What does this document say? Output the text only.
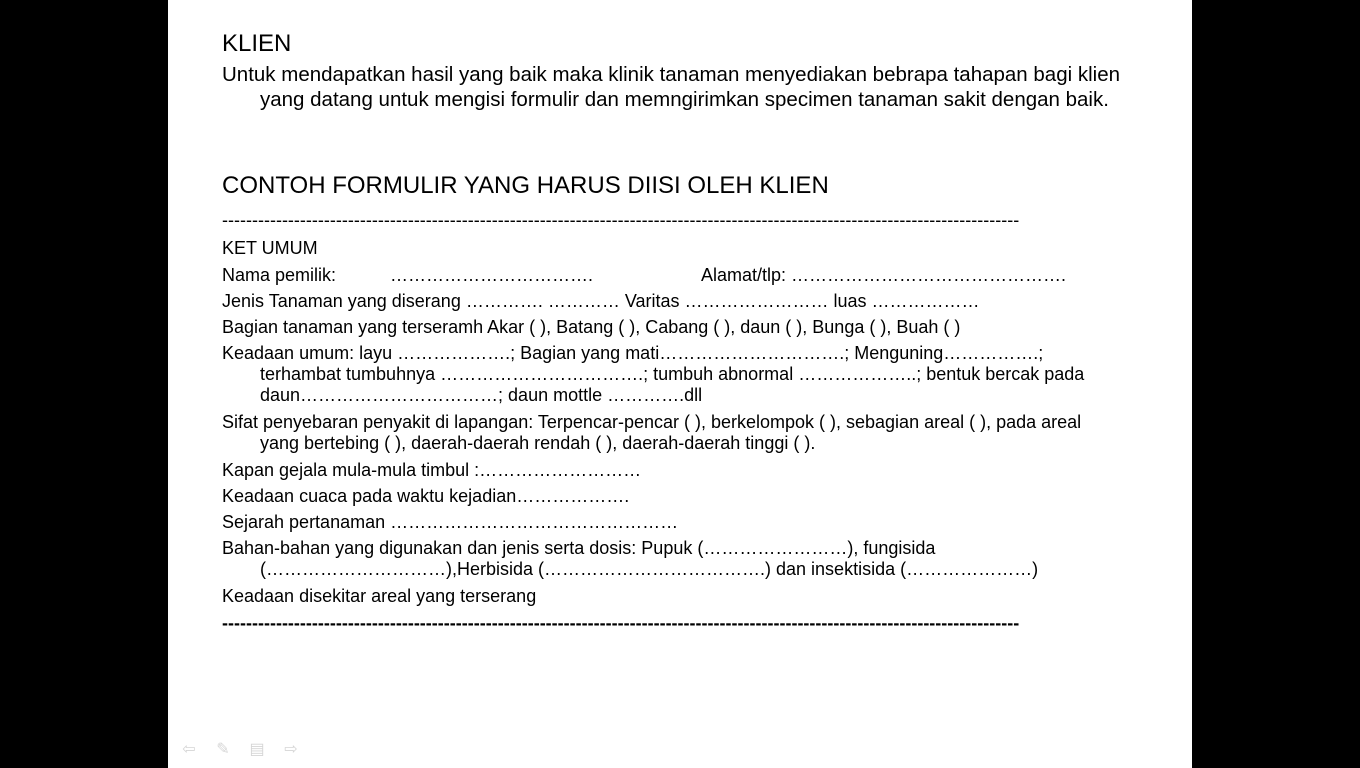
KLIEN
Untuk mendapatkan hasil yang baik maka klinik tanaman menyediakan bebrapa tahapan bagi klien yang datang untuk mengisi formulir dan memngirimkan specimen tanaman sakit dengan baik.
CONTOH FORMULIR YANG HARUS DIISI OLEH KLIEN
-------------------------------------------------------------------------------------------------------------------------------------
KET UMUM
Nama pemilik:	…………………………….	Alamat/tlp: ……………………………………….
Jenis Tanaman yang diserang …………. ………… Varitas …………………… luas ………………
Bagian tanaman yang terseramh Akar ( ), Batang ( ), Cabang ( ), daun ( ), Bunga ( ), Buah ( )
Keadaan umum: layu ……………….; Bagian yang mati………………………….; Menguning…………….; terhambat tumbuhnya …………………………….; tumbuh abnormal ………………..; bentuk bercak pada daun……………………………; daun mottle ………….dll
Sifat penyebaran penyakit di lapangan: Terpencar-pencar ( ), berkelompok ( ), sebagian areal ( ), pada areal yang bertebing ( ), daerah-daerah rendah ( ), daerah-daerah tinggi ( ).
Kapan gejala mula-mula timbul :………………………
Keadaan cuaca pada waktu kejadian……………….
Sejarah pertanaman …………………………………………
Bahan-bahan yang digunakan dan jenis serta dosis: Pupuk (……………………), fungisida (…………………………),Herbisida (……………………………….) dan insektisida (…………………)
Keadaan disekitar areal yang terserang
-------------------------------------------------------------------------------------------------------------------------------------
⇦ ✎ ▤ ⇨
